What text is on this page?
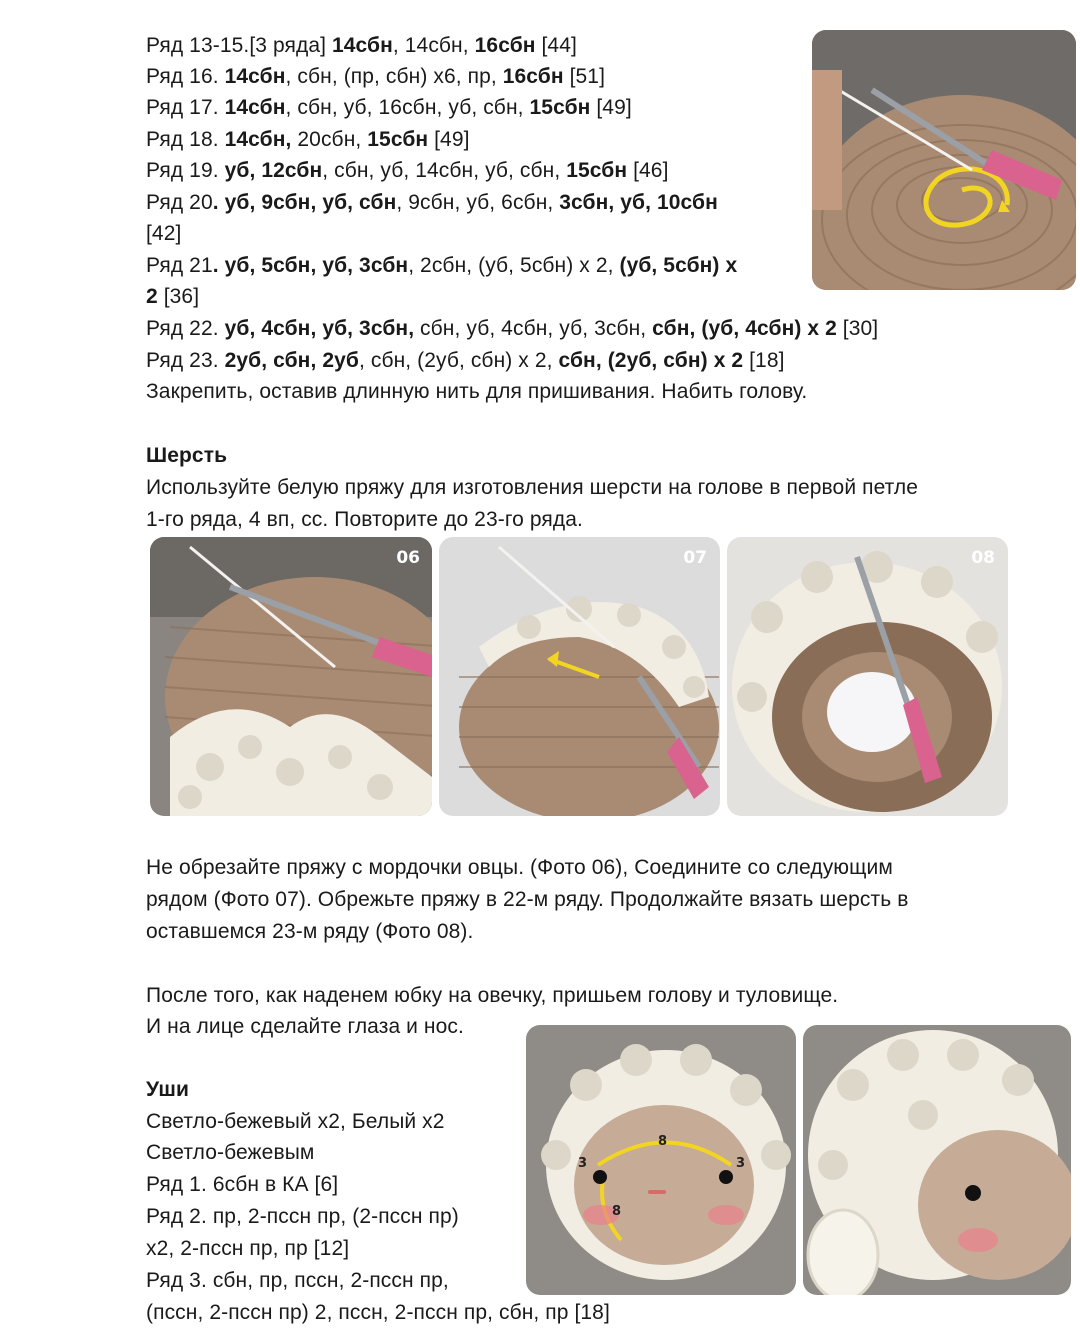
Ряд 13-15.[3 ряда] 14сбн, 14сбн, 16сбн [44]
Ряд 16. 14сбн, сбн, (пр, сбн) х6, пр, 16сбн [51]
Ряд 17. 14сбн, сбн, уб, 16сбн, уб, сбн, 15сбн [49]
Ряд 18. 14сбн, 20сбн, 15сбн [49]
Ряд 19. уб, 12сбн, сбн, уб, 14сбн, уб, сбн, 15сбн [46]
Ряд 20. уб, 9сбн, уб, сбн, 9сбн, уб, 6сбн, 3сбн, уб, 10сбн
[42]
Ряд 21. уб, 5сбн, уб, 3сбн, 2сбн, (уб, 5сбн) х 2, (уб, 5сбн) х
2 [36]
Ряд 22. уб, 4сбн, уб, 3сбн, сбн, уб, 4сбн, уб, 3сбн, сбн, (уб, 4сбн) х 2 [30]
Ряд 23. 2уб, сбн, 2уб, сбн, (2уб, сбн) х 2, сбн, (2уб, сбн) х 2 [18]
Закрепить, оставив длинную нить для пришивания. Набить голову.
Шерсть
Используйте белую пряжу для изготовления шерсти на голове в первой петле
1-го ряда, 4 вп, сс. Повторите до 23-го ряда.
06	07	08
Не обрезайте пряжу с мордочки овцы. (Фото 06), Соедините со следующим
рядом (Фото 07). Обрежьте пряжу в 22-м ряду. Продолжайте вязать шерсть в
оставшемся 23-м ряду (Фото 08).
После того, как наденем юбку на овечку, пришьем голову и туловище.
И на лице сделайте глаза и нос.
Уши
Светло-бежевый х2, Белый х2
Светло-бежевым
Ряд 1. 6сбн в КА [6]
Ряд 2. пр, 2-пссн пр, (2-пссн пр)
х2, 2-пссн пр, пр [12]
Ряд 3. сбн, пр, пссн, 2-пссн пр,
(пссн, 2-пссн пр) 2, пссн, 2-пссн пр, сбн, пр [18]
8
3	3
8
